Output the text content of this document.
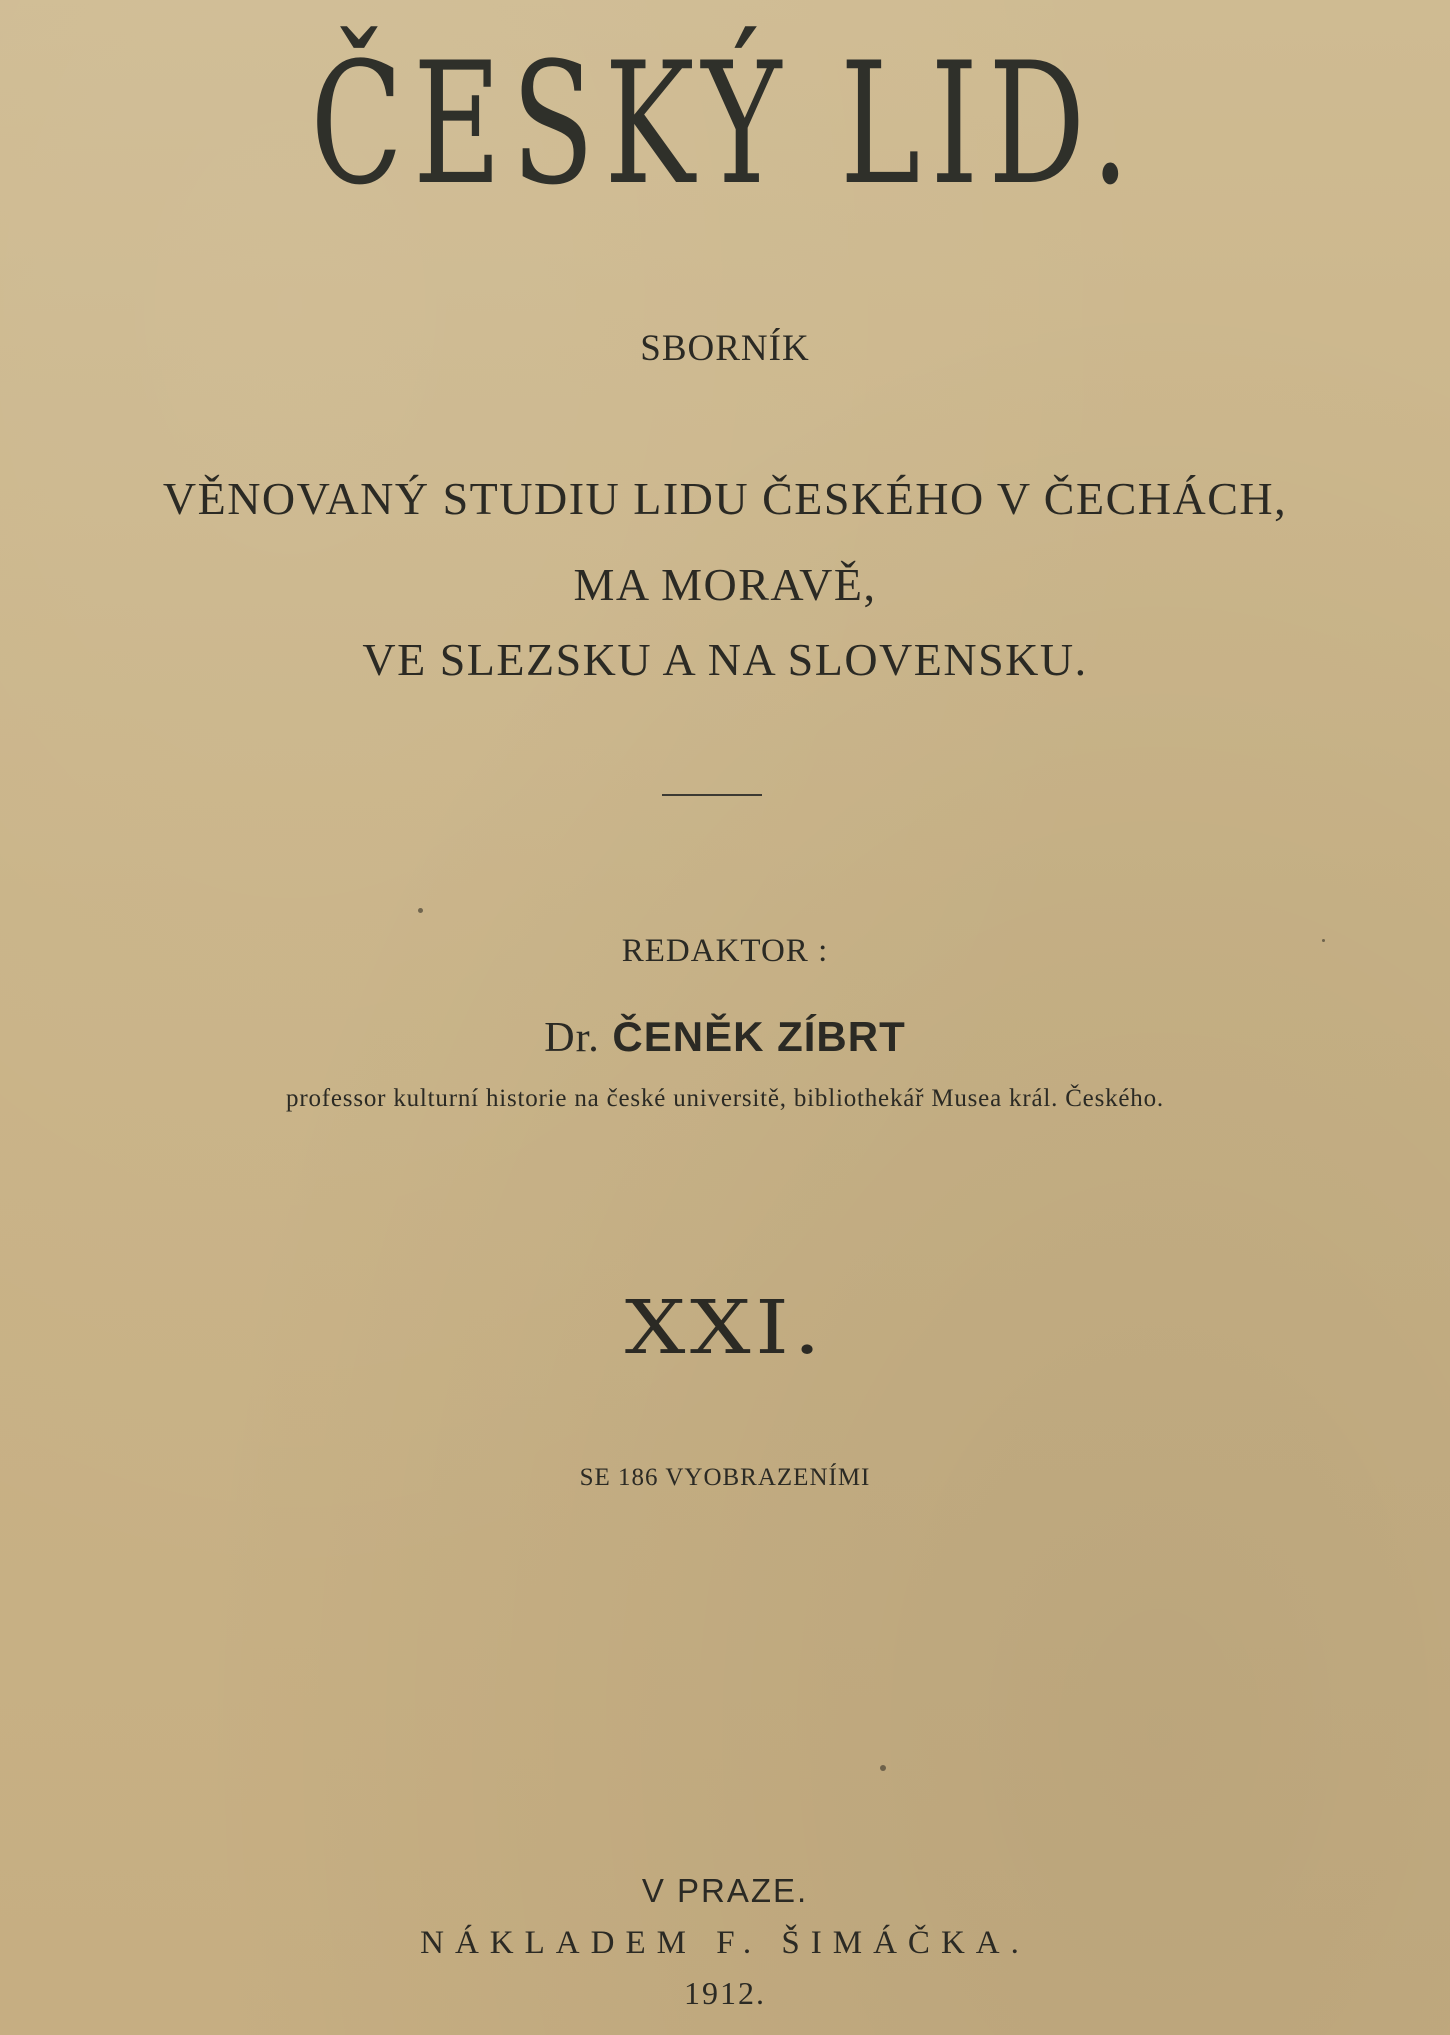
ČESKÝ LID.
SBORNÍK
VĚNOVANÝ STUDIU LIDU ČESKÉHO V ČECHÁCH,
MA MORAVĚ,
VE SLEZSKU A NA SLOVENSKU.
REDAKTOR :
Dr. ČENĚK ZÍBRT
professor kulturní historie na české universitě, bibliothekář Musea král. Českého.
XXI.
SE 186 VYOBRAZENÍMI
V PRAZE.
NÁKLADEM F. ŠIMÁČKA.
1912.
